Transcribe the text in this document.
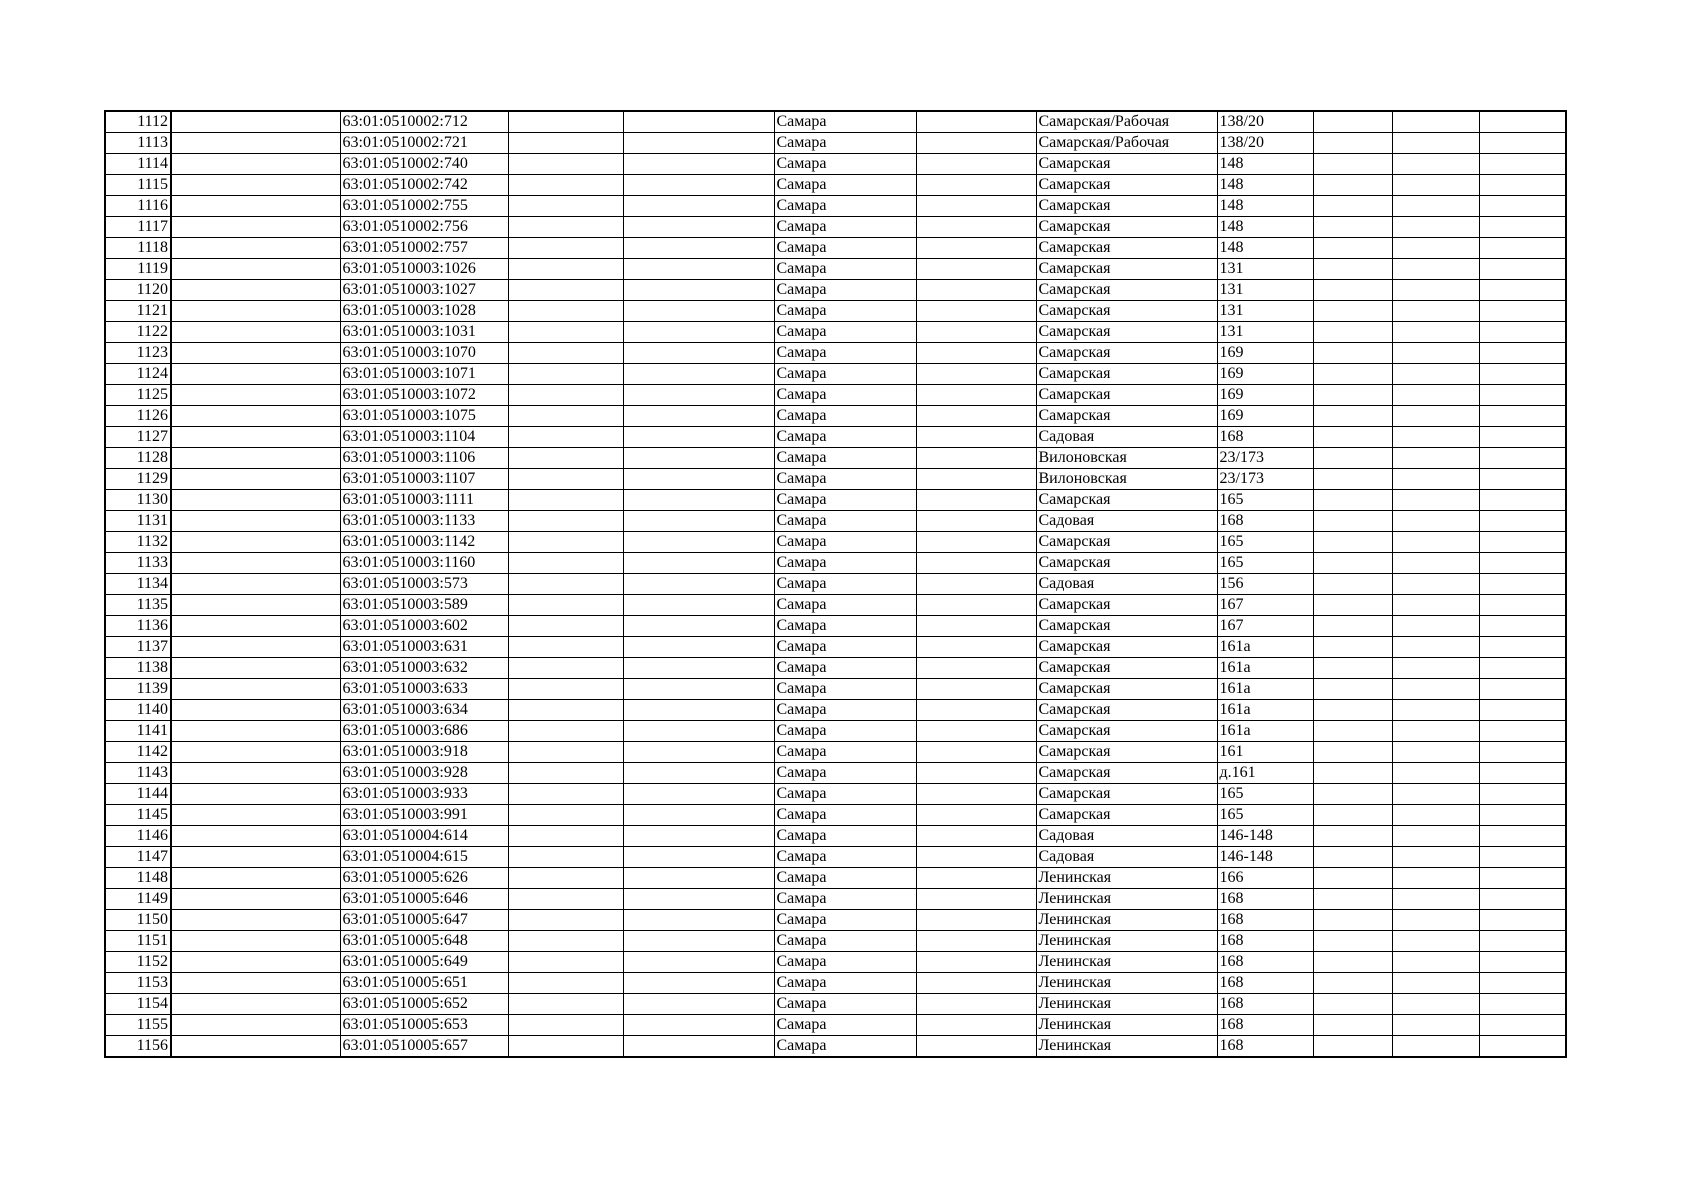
1112		63:01:0510002:712			Самара		Самарская/Рабочая	138/20			
1113		63:01:0510002:721			Самара		Самарская/Рабочая	138/20			
1114		63:01:0510002:740			Самара		Самарская	148			
1115		63:01:0510002:742			Самара		Самарская	148			
1116		63:01:0510002:755			Самара		Самарская	148			
1117		63:01:0510002:756			Самара		Самарская	148			
1118		63:01:0510002:757			Самара		Самарская	148			
1119		63:01:0510003:1026			Самара		Самарская	131			
1120		63:01:0510003:1027			Самара		Самарская	131			
1121		63:01:0510003:1028			Самара		Самарская	131			
1122		63:01:0510003:1031			Самара		Самарская	131			
1123		63:01:0510003:1070			Самара		Самарская	169			
1124		63:01:0510003:1071			Самара		Самарская	169			
1125		63:01:0510003:1072			Самара		Самарская	169			
1126		63:01:0510003:1075			Самара		Самарская	169			
1127		63:01:0510003:1104			Самара		Садовая	168			
1128		63:01:0510003:1106			Самара		Вилоновская	23/173			
1129		63:01:0510003:1107			Самара		Вилоновская	23/173			
1130		63:01:0510003:1111			Самара		Самарская	165			
1131		63:01:0510003:1133			Самара		Садовая	168			
1132		63:01:0510003:1142			Самара		Самарская	165			
1133		63:01:0510003:1160			Самара		Самарская	165			
1134		63:01:0510003:573			Самара		Садовая	156			
1135		63:01:0510003:589			Самара		Самарская	167			
1136		63:01:0510003:602			Самара		Самарская	167			
1137		63:01:0510003:631			Самара		Самарская	161а			
1138		63:01:0510003:632			Самара		Самарская	161а			
1139		63:01:0510003:633			Самара		Самарская	161а			
1140		63:01:0510003:634			Самара		Самарская	161а			
1141		63:01:0510003:686			Самара		Самарская	161а			
1142		63:01:0510003:918			Самара		Самарская	161			
1143		63:01:0510003:928			Самара		Самарская	д.161			
1144		63:01:0510003:933			Самара		Самарская	165			
1145		63:01:0510003:991			Самара		Самарская	165			
1146		63:01:0510004:614			Самара		Садовая	146-148			
1147		63:01:0510004:615			Самара		Садовая	146-148			
1148		63:01:0510005:626			Самара		Ленинская	166			
1149		63:01:0510005:646			Самара		Ленинская	168			
1150		63:01:0510005:647			Самара		Ленинская	168			
1151		63:01:0510005:648			Самара		Ленинская	168			
1152		63:01:0510005:649			Самара		Ленинская	168			
1153		63:01:0510005:651			Самара		Ленинская	168			
1154		63:01:0510005:652			Самара		Ленинская	168			
1155		63:01:0510005:653			Самара		Ленинская	168			
1156		63:01:0510005:657			Самара		Ленинская	168			
